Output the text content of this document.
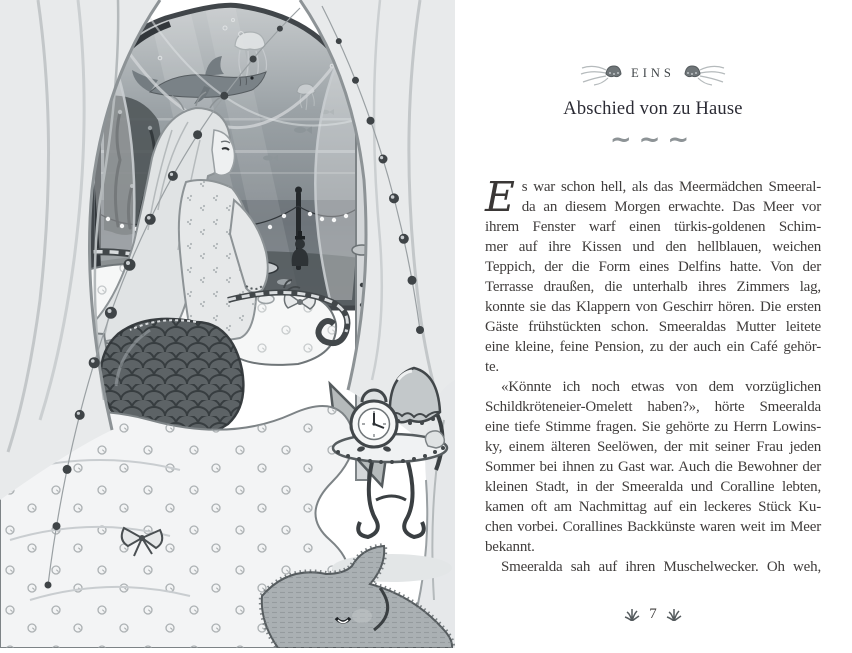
EINS
Abschied von zu Hause
~~~
E s war schon hell, als das Meermädchen Smeeral-
da an diesem Morgen erwachte. Das Meer vor
ihrem Fenster warf einen türkis-goldenen Schim-
mer auf ihre Kissen und den hellblauen, weichen
Teppich, der die Form eines Delfins hatte. Von der
Terrasse draußen, die unterhalb ihres Zimmers lag,
konnte sie das Klappern von Geschirr hören. Die ersten
Gäste frühstückten schon. Smeeraldas Mutter leitete
eine kleine, feine Pension, zu der auch ein Café gehör-
te.
«Könnte ich noch etwas von dem vorzüglichen
Schildkröteneier-Omelett haben?», hörte Smeeralda
eine tiefe Stimme fragen. Sie gehörte zu Herrn Lowins-
ky, einem älteren Seelöwen, der mit seiner Frau jeden
Sommer bei ihnen zu Gast war. Auch die Bewohner der
kleinen Stadt, in der Smeeralda und Coralline lebten,
kamen oft am Nachmittag auf ein leckeres Stück Ku-
chen vorbei. Corallines Backkünste waren weit im Meer
bekannt.
Smeeralda sah auf ihren Muschelwecker. Oh weh,
7
